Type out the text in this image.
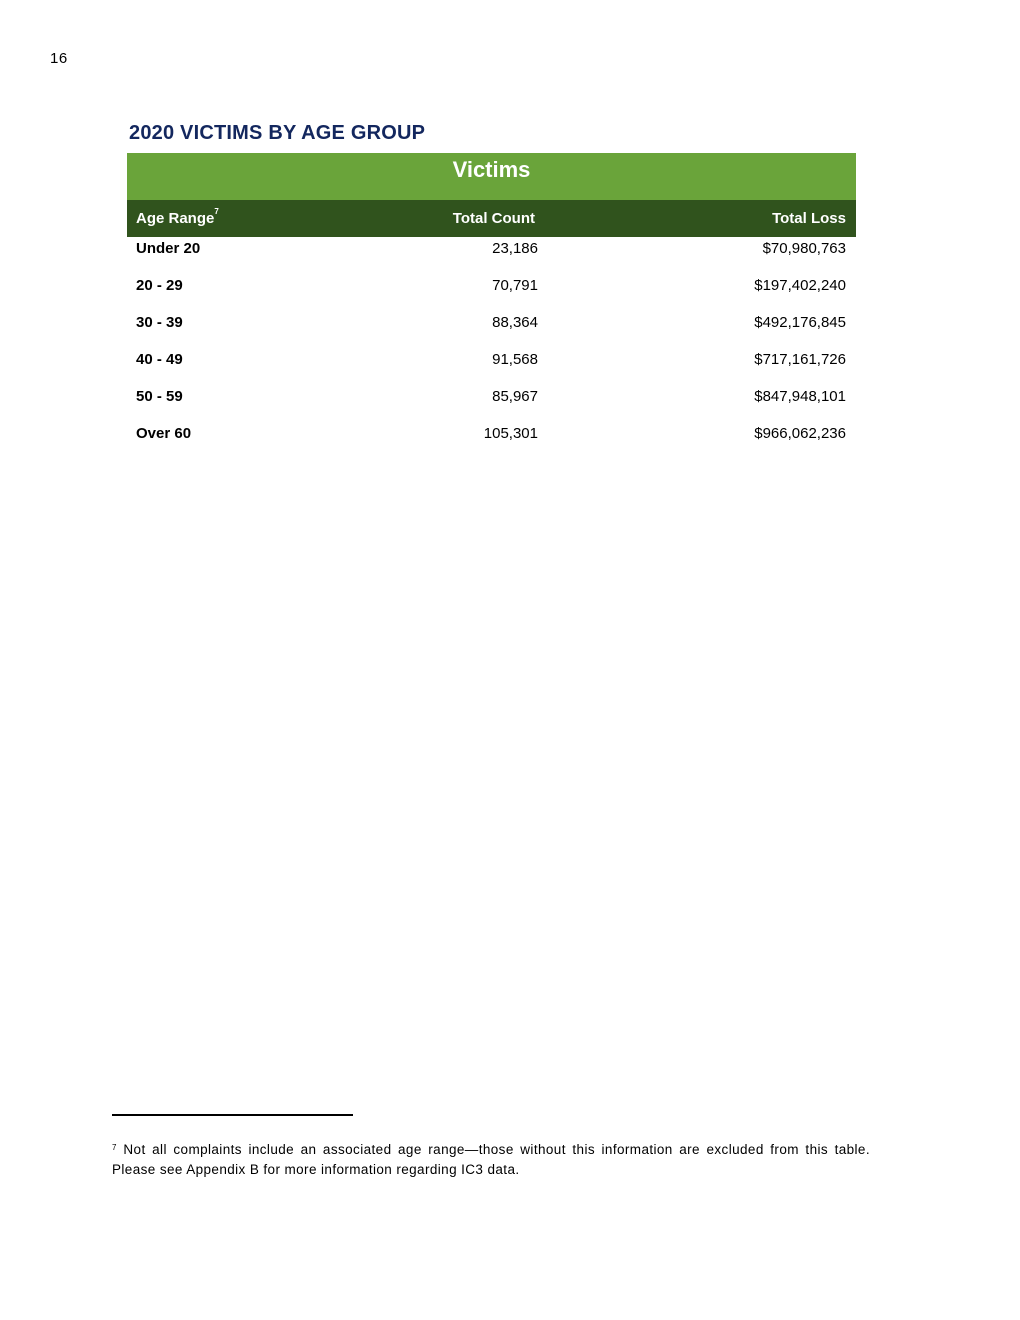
16
2020 VICTIMS BY AGE GROUP
Victims
Age Range$^7$	Total Count	Total Loss
Under 20	23,186	$70,980,763
20 - 29	70,791	$197,402,240
30 - 39	88,364	$492,176,845
40 - 49	91,568	$717,161,726
50 - 59	85,967	$847,948,101
Over 60	105,301	$966,062,236
$^7$ Not all complaints include an associated age range—those without this information are excluded from this table. Please see Appendix B for more information regarding IC3 data.
